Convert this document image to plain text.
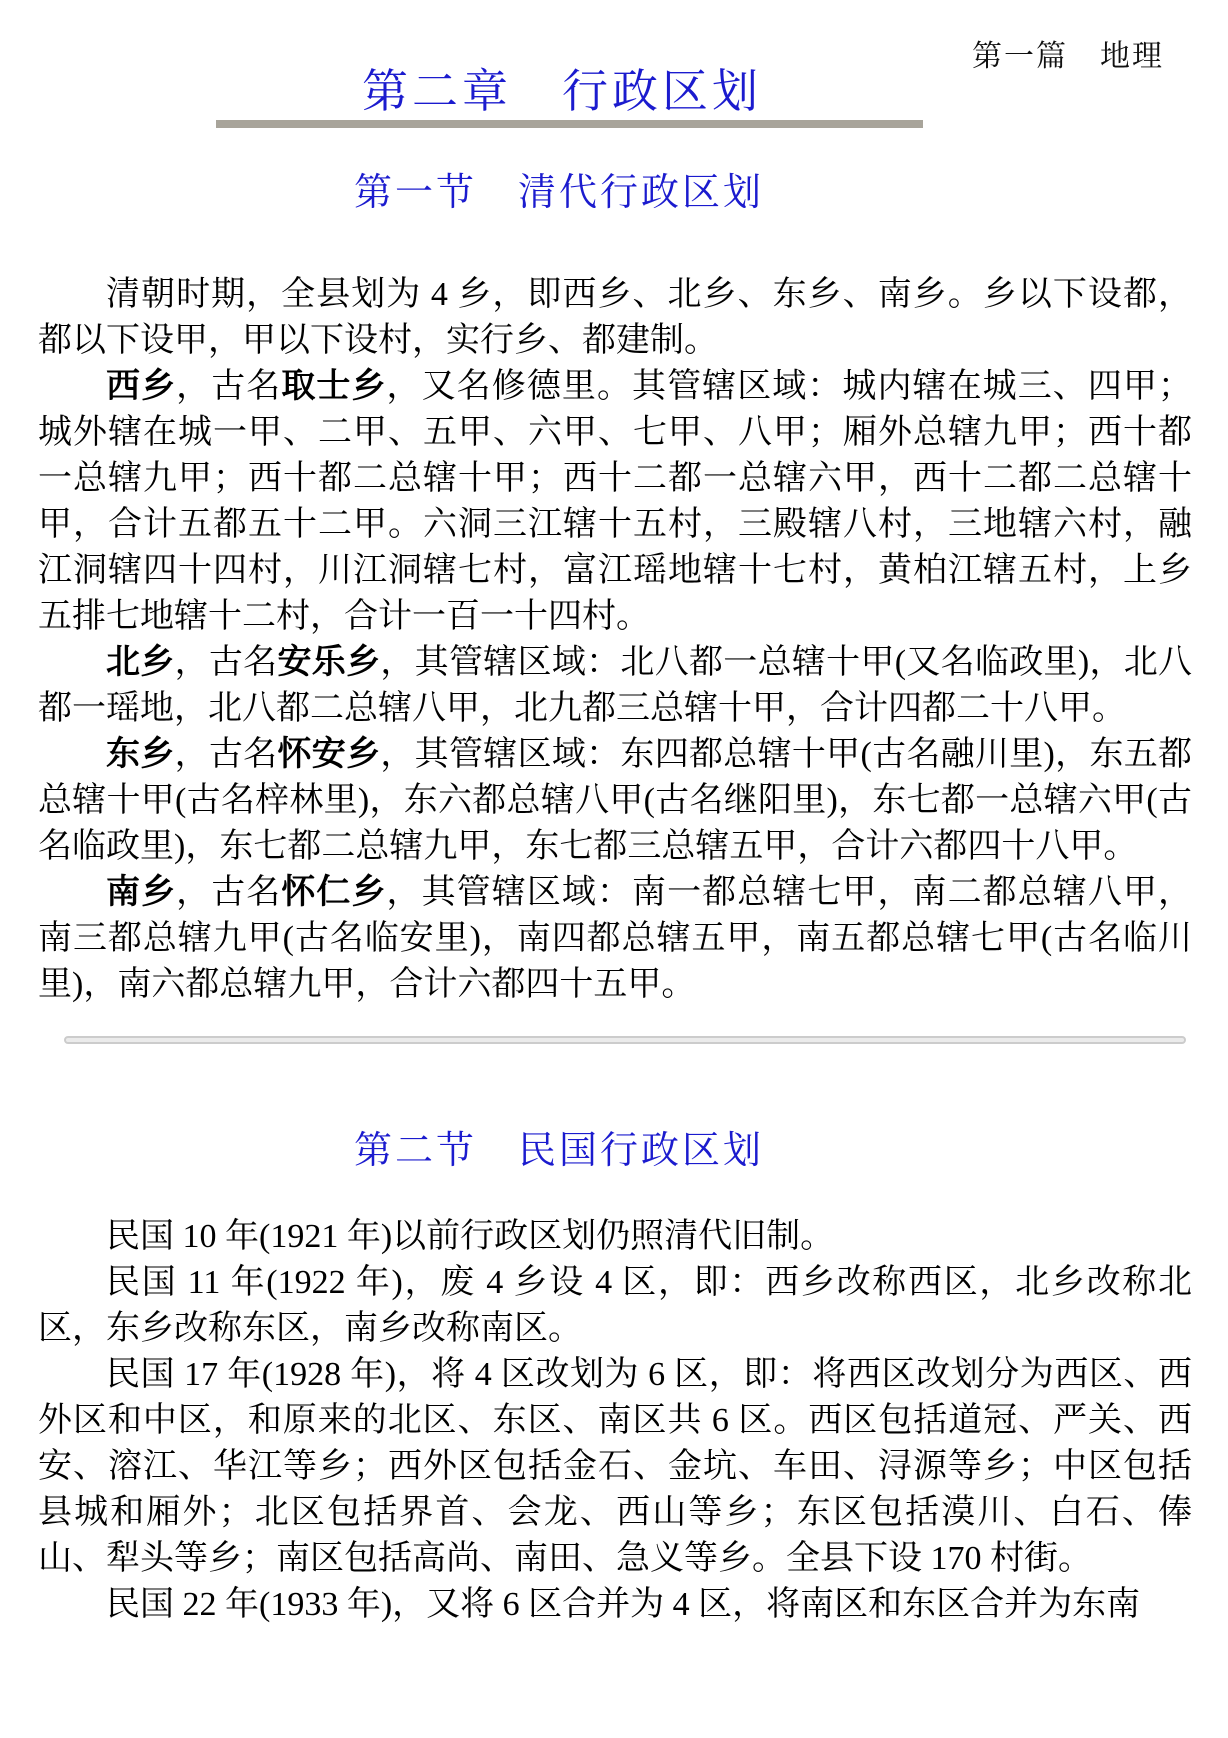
第一篇　地理
第二章　行政区划
第一节　清代行政区划

清朝时期，全县划为 4 乡，即西乡、北乡、东乡、南乡。乡以下设都，都以下设甲，甲以下设村，实行乡、都建制。

西乡，古名取士乡，又名修德里。其管辖区域：城内辖在城三、四甲；城外辖在城一甲、二甲、五甲、六甲、七甲、八甲；厢外总辖九甲；西十都一总辖九甲；西十都二总辖十甲；西十二都一总辖六甲，西十二都二总辖十甲，合计五都五十二甲。六洞三江辖十五村，三殿辖八村，三地辖六村，融江洞辖四十四村，川江洞辖七村，富江瑶地辖十七村，黄柏江辖五村，上乡五排七地辖十二村，合计一百一十四村。

北乡，古名安乐乡，其管辖区域：北八都一总辖十甲(又名临政里)，北八都一瑶地，北八都二总辖八甲，北九都三总辖十甲，合计四都二十八甲。

东乡，古名怀安乡，其管辖区域：东四都总辖十甲(古名融川里)，东五都总辖十甲(古名梓林里)，东六都总辖八甲(古名继阳里)，东七都一总辖六甲(古名临政里)，东七都二总辖九甲，东七都三总辖五甲，合计六都四十八甲。

南乡，古名怀仁乡，其管辖区域：南一都总辖七甲，南二都总辖八甲，南三都总辖九甲(古名临安里)，南四都总辖五甲，南五都总辖七甲(古名临川里)，南六都总辖九甲，合计六都四十五甲。

第二节　民国行政区划

民国 10 年(1921 年)以前行政区划仍照清代旧制。

民国 11 年(1922 年)，废 4 乡设 4 区，即：西乡改称西区，北乡改称北区，东乡改称东区，南乡改称南区。

民国 17 年(1928 年)，将 4 区改划为 6 区，即：将西区改划分为西区、西外区和中区，和原来的北区、东区、南区共 6 区。西区包括道冠、严关、西安、溶江、华江等乡；西外区包括金石、金坑、车田、浔源等乡；中区包括县城和厢外；北区包括界首、会龙、西山等乡；东区包括漠川、白石、俸山、犁头等乡；南区包括高尚、南田、急义等乡。全县下设 170 村街。

民国 22 年(1933 年)，又将 6 区合并为 4 区，将南区和东区合并为东南
